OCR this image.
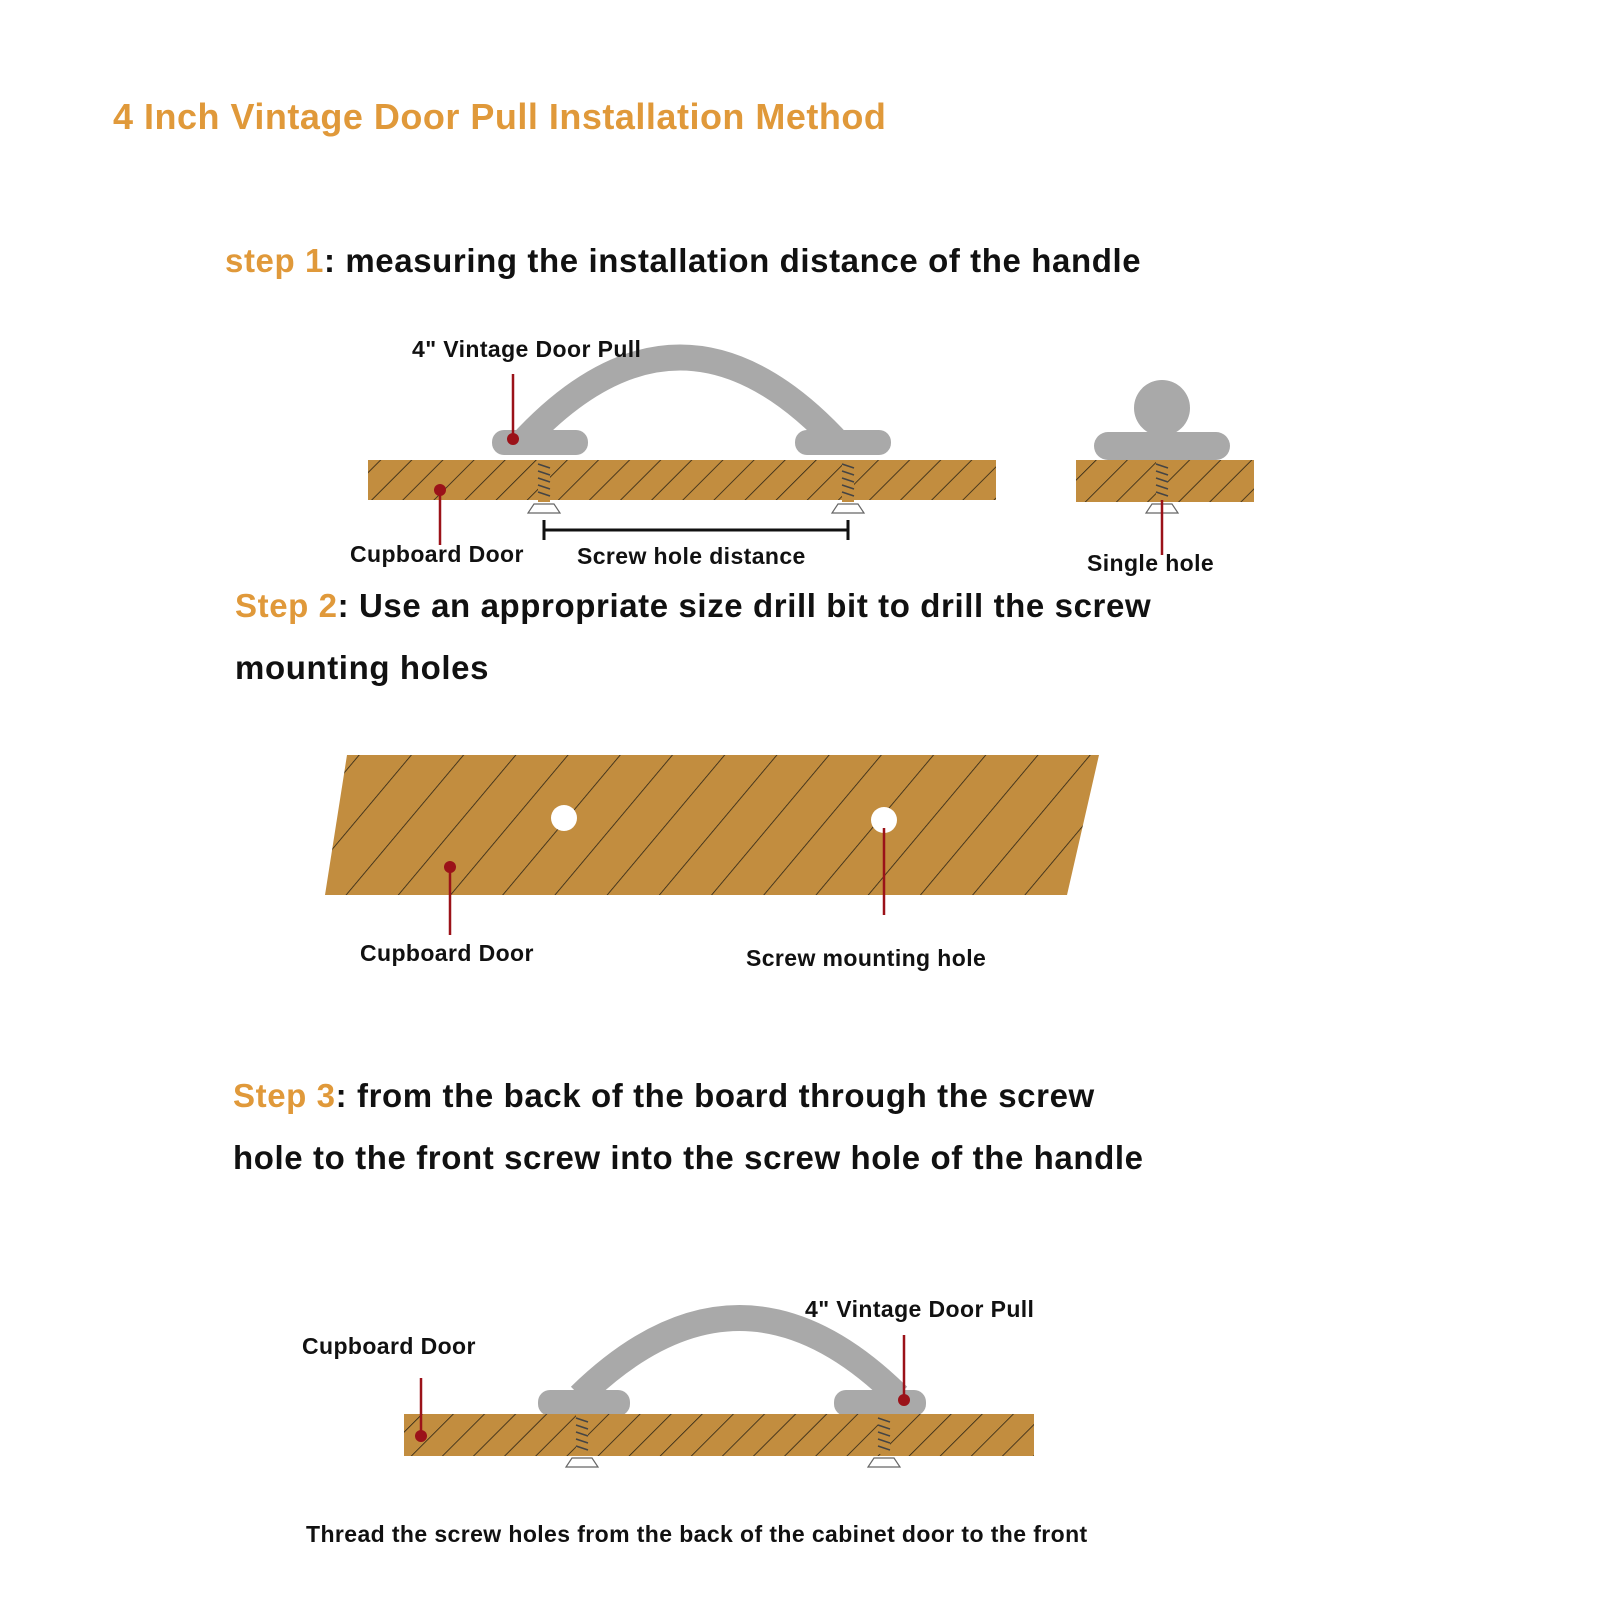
4 Inch Vintage Door Pull Installation Method
step 1: measuring the installation distance of the handle
Step 2: Use an appropriate size drill bit to drill the screw
mounting holes
Step 3: from the back of the board through the screw
hole to the front screw into the screw hole of the handle
4" Vintage Door Pull
Cupboard Door Screw hole distance	Single hole
Cupboard Door	Screw mounting hole
4" Vintage Door Pull
Cupboard Door
Thread the screw holes from the back of the cabinet door to the front
